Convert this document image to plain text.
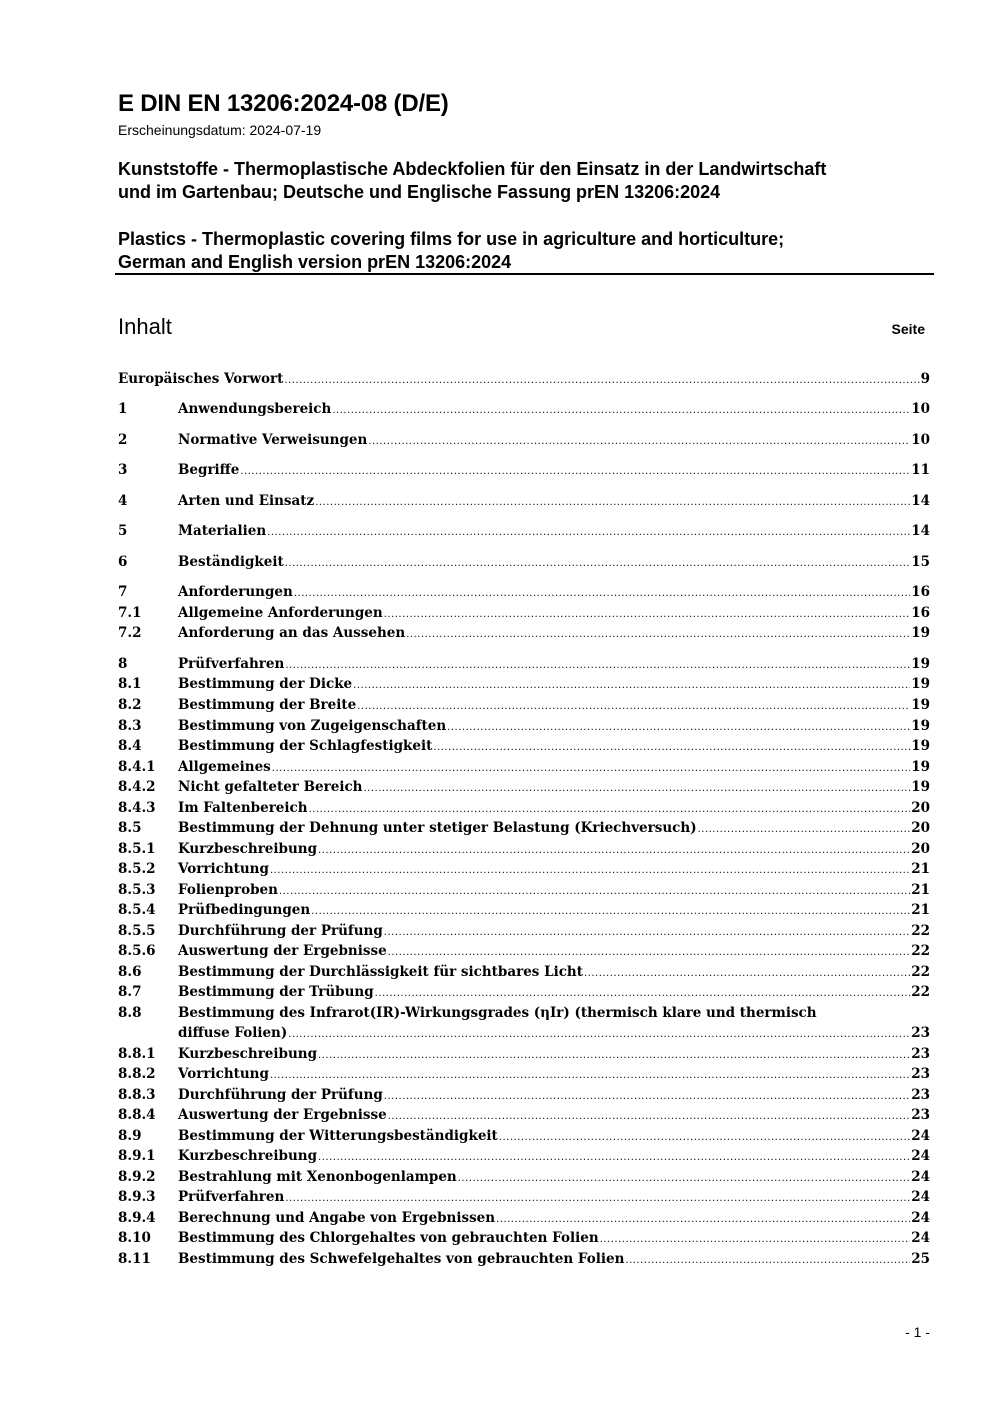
E DIN EN 13206:2024-08 (D/E)
Erscheinungsdatum: 2024-07-19
Kunststoffe - Thermoplastische Abdeckfolien für den Einsatz in der Landwirtschaft
und im Gartenbau; Deutsche und Englische Fassung prEN 13206:2024
Plastics - Thermoplastic covering films for use in agriculture and horticulture;
German and English version prEN 13206:2024
Inhalt	Seite
Europäisches Vorwort .....	9
1	Anwendungsbereich .....	10
2	Normative Verweisungen .....	10
3	Begriffe .....	11
4	Arten und Einsatz .....	14
5	Materialien .....	14
6	Beständigkeit .....	15
7	Anforderungen .....	16
7.1	Allgemeine Anforderungen .....	16
7.2	Anforderung an das Aussehen .....	19
8	Prüfverfahren .....	19
8.1	Bestimmung der Dicke .....	19
8.2	Bestimmung der Breite .....	19
8.3	Bestimmung von Zugeigenschaften .....	19
8.4	Bestimmung der Schlagfestigkeit .....	19
8.4.1 Allgemeines .....	19
8.4.2 Nicht gefalteter Bereich .....	19
8.4.3 Im Faltenbereich .....	20
8.5	Bestimmung der Dehnung unter stetiger Belastung (Kriechversuch) .....	20
8.5.1 Kurzbeschreibung .....	20
8.5.2 Vorrichtung .....	21
8.5.3 Folienproben .....	21
8.5.4 Prüfbedingungen .....	21
8.5.5 Durchführung der Prüfung .....	22
8.5.6 Auswertung der Ergebnisse .....	22
8.6	Bestimmung der Durchlässigkeit für sichtbares Licht .....	22
8.7	Bestimmung der Trübung .....	22
8.8	Bestimmung des Infrarot(IR)-Wirkungsgrades (ηIr) (thermisch klare und thermisch
diffuse Folien) .....	23
8.8.1 Kurzbeschreibung .....	23
8.8.2 Vorrichtung .....	23
8.8.3 Durchführung der Prüfung .....	23
8.8.4 Auswertung der Ergebnisse .....	23
8.9	Bestimmung der Witterungsbeständigkeit .....	24
8.9.1 Kurzbeschreibung .....	24
8.9.2 Bestrahlung mit Xenonbogenlampen .....	24
8.9.3 Prüfverfahren .....	24
8.9.4 Berechnung und Angabe von Ergebnissen .....	24
8.10 Bestimmung des Chlorgehaltes von gebrauchten Folien .....	24
8.11 Bestimmung des Schwefelgehaltes von gebrauchten Folien .....	25
- 1 -
